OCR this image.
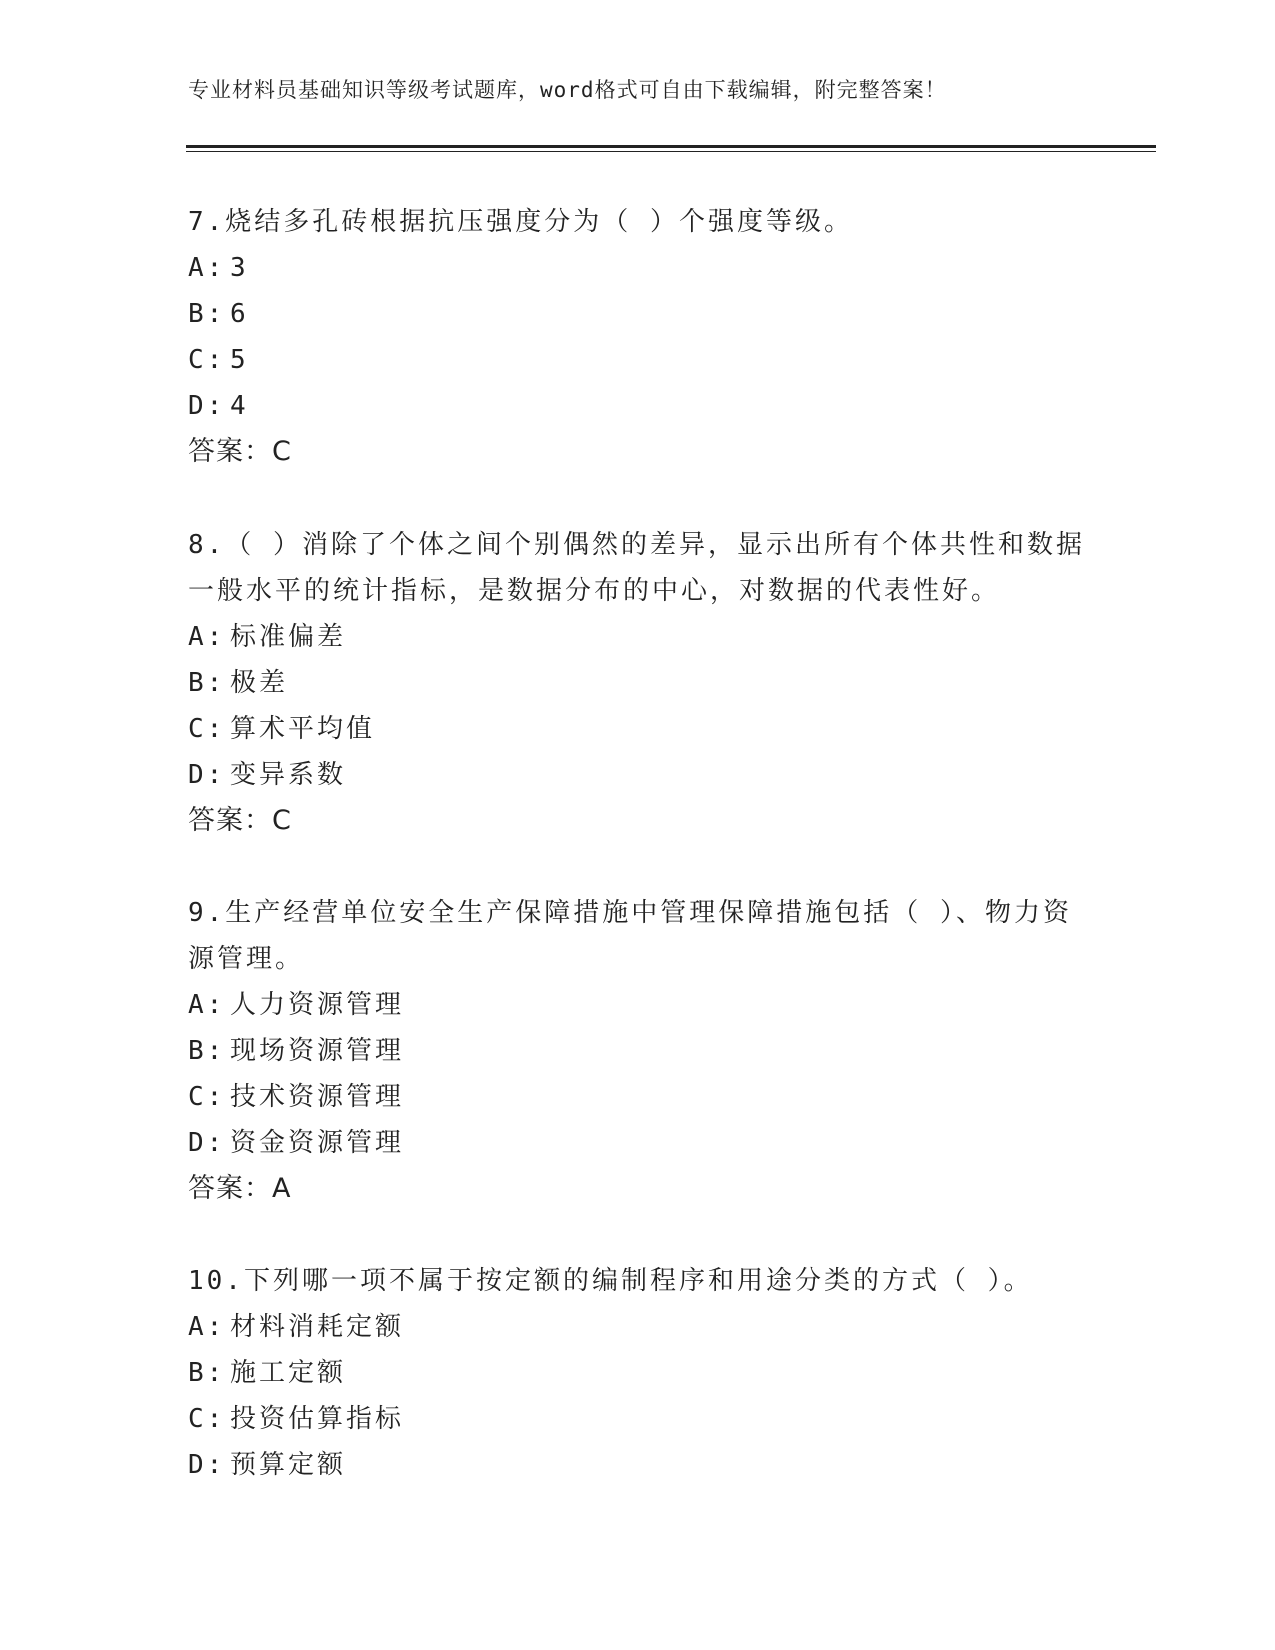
专业材料员基础知识等级考试题库，word格式可自由下载编辑，附完整答案！

7.烧结多孔砖根据抗压强度分为（ ）个强度等级。

A: 3

B: 6

C: 5

D: 4

答案：C

8.（ ）消除了个体之间个别偶然的差异，显示出所有个体共性和数据一般水平的统计指标，是数据分布的中心，对数据的代表性好。

A: 标准偏差

B: 极差

C: 算术平均值

D: 变异系数

答案：C

9.生产经营单位安全生产保障措施中管理保障措施包括（ ）、物力资源管理。

A: 人力资源管理

B: 现场资源管理

C: 技术资源管理

D: 资金资源管理

答案：A

10.下列哪一项不属于按定额的编制程序和用途分类的方式（ ）。

A: 材料消耗定额

B: 施工定额

C: 投资估算指标

D: 预算定额
